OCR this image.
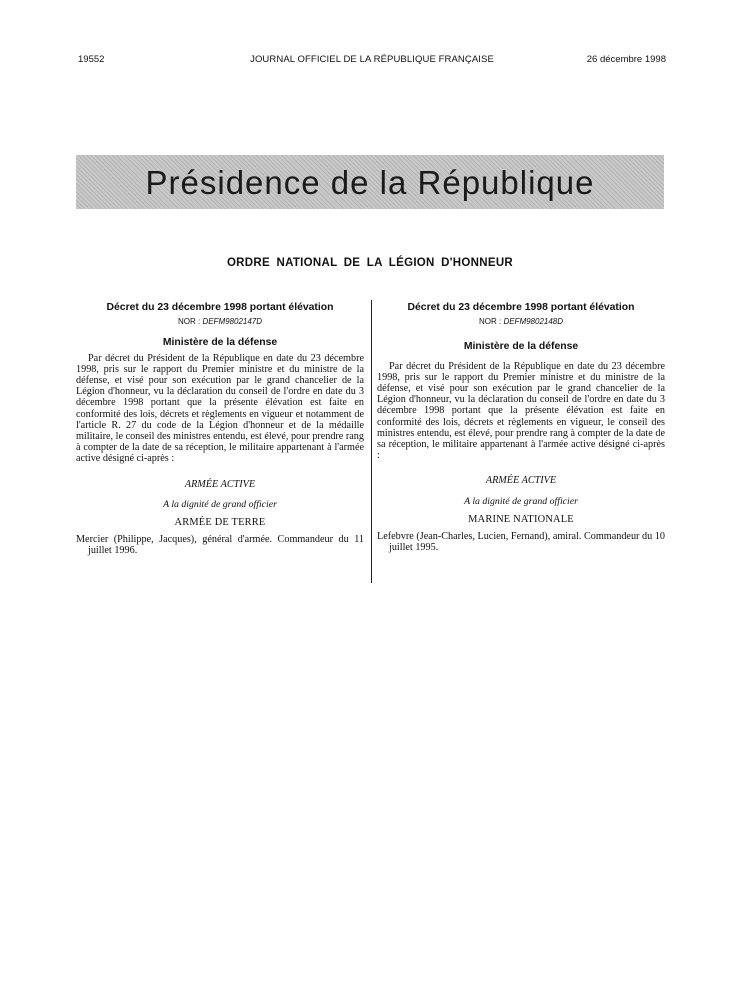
19552	JOURNAL OFFICIEL DE LA RÉPUBLIQUE FRANÇAISE	26 décembre 1998
Présidence de la République
ORDRE NATIONAL DE LA LÉGION D'HONNEUR
Décret du 23 décembre 1998 portant élévation
NOR : DEFM9802147D
Ministère de la défense

Par décret du Président de la République en date du 23 décembre 1998, pris sur le rapport du Premier ministre et du ministre de la défense, et visé pour son exécution par le grand chancelier de la Légion d'honneur, vu la déclaration du conseil de l'ordre en date du 3 décembre 1998 portant que la présente élévation est faite en conformité des lois, décrets et règlements en vigueur et notamment de l'article R. 27 du code de la Légion d'honneur et de la médaille militaire, le conseil des ministres entendu, est élevé, pour prendre rang à compter de la date de sa réception, le militaire appartenant à l'armée active désigné ci-après :

ARMÉE ACTIVE
A la dignité de grand officier
ARMÉE DE TERRE
Mercier (Philippe, Jacques), général d'armée. Commandeur du 11 juillet 1996.
Décret du 23 décembre 1998 portant élévation
NOR : DEFM9802148D
Ministère de la défense

Par décret du Président de la République en date du 23 décembre 1998, pris sur le rapport du Premier ministre et du ministre de la défense, et visé pour son exécution par le grand chancelier de la Légion d'honneur, vu la déclaration du conseil de l'ordre en date du 3 décembre 1998 portant que la présente élévation est faite en conformité des lois, décrets et règlements en vigueur, le conseil des ministres entendu, est élevé, pour prendre rang à compter de la date de sa réception, le militaire appartenant à l'armée active désigné ci-après :

ARMÉE ACTIVE
A la dignité de grand officier
MARINE NATIONALE
Lefebvre (Jean-Charles, Lucien, Fernand), amiral. Commandeur du 10 juillet 1995.
